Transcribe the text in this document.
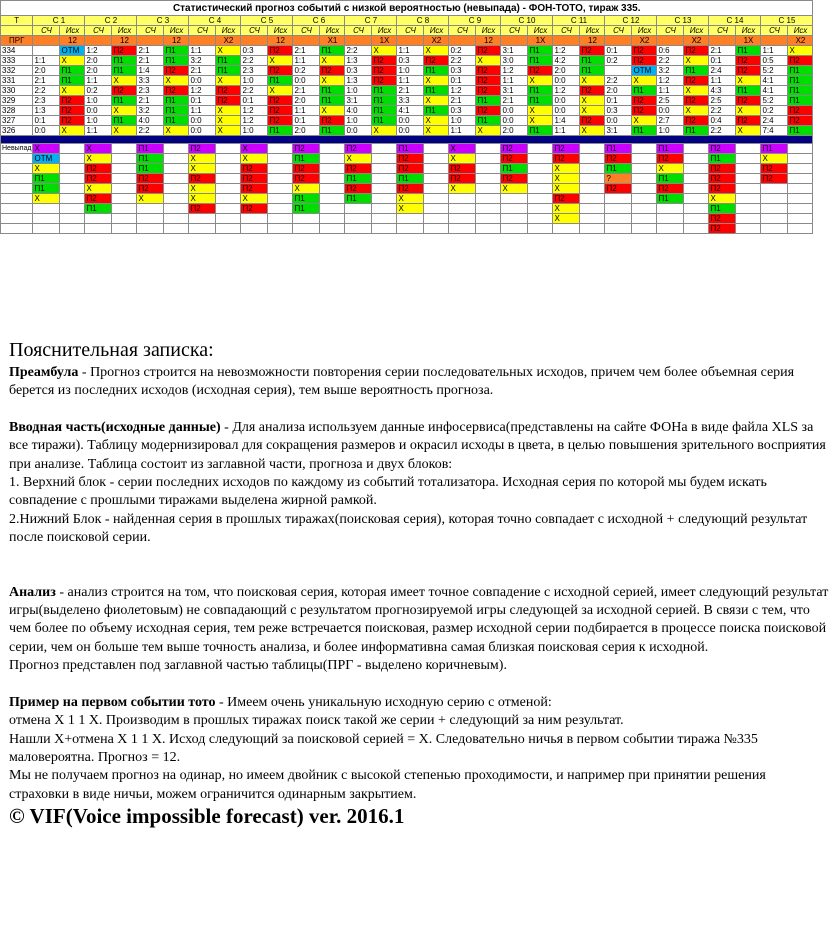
Статистический прогноз событий с низкой вероятностью (невыпада) - ФОН-ТОТО, тираж 335.																														
Т	С 1		С 2		С 3		С 4		С 5		С 6		С 7		С 8		С 9		С 10		С 11		С 12		С 13		С 14		С 15	
	СЧ	Исх	СЧ	Исх	СЧ	Исх	СЧ	Исх	СЧ	Исх	СЧ	Исх	СЧ	Исх	СЧ	Исх	СЧ	Исх	СЧ	Исх	СЧ	Исх	СЧ	Исх	СЧ	Исх	СЧ	Исх	СЧ	Исх
ПРГ		12		12		12		Х2		12		Х1		1Х		Х2		12		1Х		12		Х2		Х2		1Х		Х2
334		ОТМ	1:2	П2	2:1	П1	1:1	Х	0:3	П2	2:1	П1	2:2	Х	1:1	Х	0:2	П2	3:1	П1	1:2	П2	0:1	П2	0:6	П2	2:1	П1	1:1	Х
333	1:1	Х	2:0	П1	2:1	П1	3:2	П1	2:2	Х	1:1	Х	1:3	П2	0:3	П2	2:2	Х	3:0	П1	4:2	П1	0:2	П2	2:2	Х	0:1	П2	0:5	П2
332	2:0	П1	2:0	П1	1:4	П2	2:1	П1	2:3	П2	0:2	П2	0:3	П2	1:0	П1	0:3	П2	1:2	П2	2:0	П1		ОТМ	3:2	П1	2:4	П2	5:2	П1
331	2:1	П1	1:1	Х	3:3	Х	0:0	Х	1:0	П1	0:0	Х	1:3	П2	1:1	Х	0:1	П2	1:1	Х	0:0	Х	2:2	Х	1:2	П2	1:1	Х	4:1	П1
330	2:2	Х	0:2	П2	2:3	П2	1:2	П2	2:2	Х	2:1	П1	1:0	П1	2:1	П1	1:2	П2	3:1	П1	1:2	П2	2:0	П1	1:1	Х	4:3	П1	4:1	П1
329	2:3	П2	1:0	П1	2:1	П1	0:1	П2	0:1	П2	2:0	П1	3:1	П1	3:3	Х	2:1	П1	2:1	П1	0:0	Х	0:1	П2	2:5	П2	2:5	П2	5:2	П1
328	1:3	П2	0:0	Х	3:2	П1	1:1	Х	1:2	П2	1:1	Х	4:0	П1	4:1	П1	0:3	П2	0:0	Х	0:0	Х	0:3	П2	0:0	Х	2:2	Х	0:2	П2
327	0:1	П2	1:0	П1	4:0	П1	0:0	Х	1:2	П2	0:1	П2	1:0	П1	0:0	Х	1:0	П1	0:0	Х	1:4	П2	0:0	Х	2:7	П2	0:4	П2	2:4	П2
326	0:0	Х	1:1	Х	2:2	Х	0:0	Х	1:0	П1	2:0	П1	0:0	Х	0:0	Х	1:1	Х	2:0	П1	1:1	Х	3:1	П1	1:0	П1	2:2	Х	7:4	П1

Невыпад	Х		Х		П1		П2		Х		П2		П2		П1		Х		П2		П2		П1		П1		П2		П1	
	ОТМ		Х		П1		Х		Х		П1		Х		П2		Х		П2		П2		П2		П2		П1		Х	
	Х		П2		П1		Х		П2		П2		П2		П2		П2		П1		Х		П1		Х		П2		П2	
	П1		П2		П2		П2		П2		П2		П1		П1		П2		П2		Х		?		П1		П2		П2	
	П1		Х		П2		Х		П2		Х		П2		П2		Х		Х		Х		П2		П2		П2			
	Х		П2		Х		Х		Х		П1		П1		Х						П2				П1		Х			
			П1				П2		П2		П1				Х						Х						П1			
																					Х						П2			
																											П2			
Пояснительная записка:

Преамбула - Прогноз строится на невозможности повторения серии последовательных исходов, причем чем более объемная серия берется из последних исходов (исходная серия), тем выше вероятность прогноза.

Вводная часть(исходные данные) - Для анализа используем данные инфосервиса(представлены на сайте ФОНа в виде файла XLS за все тиражи). Таблицу модернизировал для сокращения размеров и окрасил исходы в цвета, в целью повышения зрительного восприятия при анализе. Таблица состоит из заглавной части, прогноза и двух блоков:

1. Верхний блок - серии последних исходов по каждому из событий тотализатора. Исходная серия по которой мы будем искать совпадение с прошлыми тиражами выделена жирной рамкой.

2.Нижний Блок - найденная серия в прошлых тиражах(поисковая серия), которая точно совпадает с исходной + следующий результат после поисковой серии.

Анализ - анализ строится на том, что поисковая серия, которая имеет точное совпадение с исходной серией, имеет следующий результат игры(выделено фиолетовым) не совпадающий с результатом прогнозируемой игры следующей за исходной серией. В связи с тем, что чем более по объему исходная серия, тем реже встречается поисковая, размер исходной серии подбирается в процессе поиска поисковой серии, чем он больше тем выше точность анализа, и более информативна самая близкая поисковая серия к исходной.

Прогноз представлен под заглавной частью таблицы(ПРГ - выделено коричневым).

Пример на первом событии тото - Имеем очень уникальную исходную серию с отменой:

отмена Х 1 1 Х. Производим в прошлых тиражах поиск такой же серии + следующий за ним результат.

Нашли Х+отмена Х 1 1 Х. Исход следующий за поисковой серией = Х. Следовательно ничья в первом событии тиража №335 маловероятна. Прогноз = 12.

Мы не получаем прогноз на одинар, но имеем двойник с высокой степенью проходимости, и например при принятии решения страховки в виде ничьи, можем ограничится одинарным закрытием.

© VIF(Voice impossible forecast) ver. 2016.1
